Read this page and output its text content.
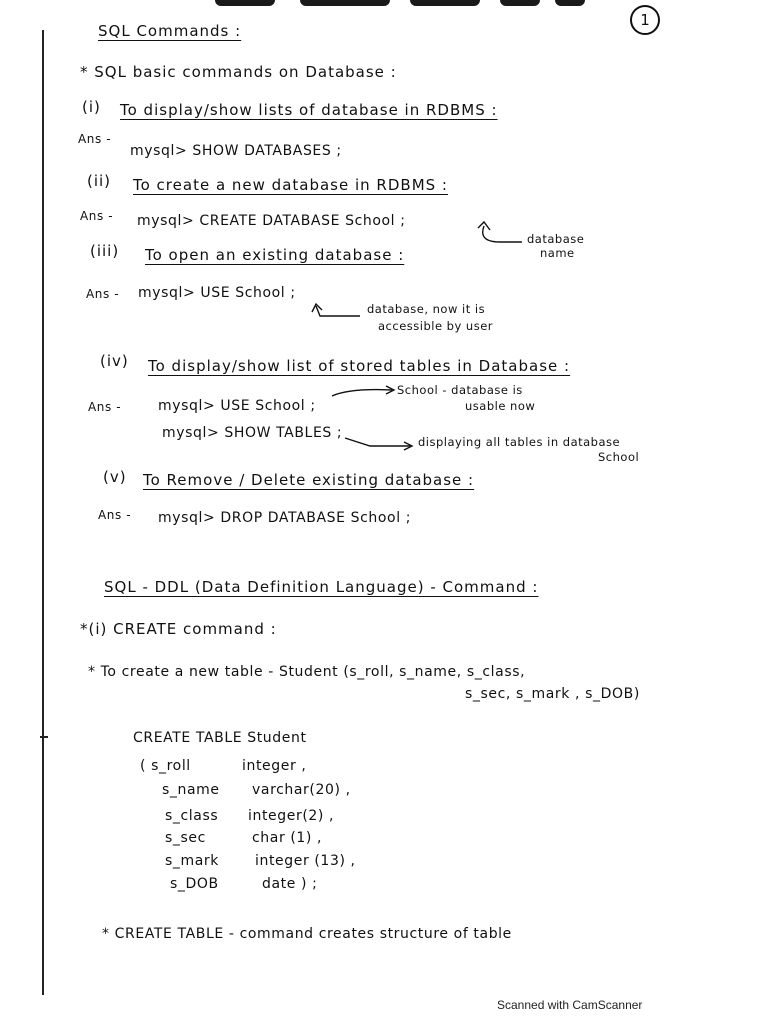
1
SQL Commands :
* SQL basic commands on Database :
(i) To display/show lists of database in RDBMS :
Ans -
mysql> SHOW DATABASES ;
(ii) To create a new database in RDBMS :
Ans - mysql> CREATE DATABASE School ;
database
name
(iii) To open an existing database :
Ans - mysql> USE School ;
database, now it is
accessible by user
(iv) To display/show list of stored tables in Database :
School - database is
usable now
Ans -	mysql> USE School ;
mysql> SHOW TABLES ;
displaying all tables in database
School
(v) To Remove / Delete existing database :
Ans - mysql> DROP DATABASE School ;
SQL - DDL (Data Definition Language) - Command :
*(i) CREATE command :
* To create a new table - Student (s_roll, s_name, s_class,
s_sec, s_mark , s_DOB)
CREATE TABLE Student
( s_roll	integer ,
s_name varchar(20) ,
s_class integer(2) ,
s_sec	char (1) ,
s_mark	integer (13) ,
s_DOB	date ) ;
* CREATE TABLE - command creates structure of table
Scanned with CamScanner
